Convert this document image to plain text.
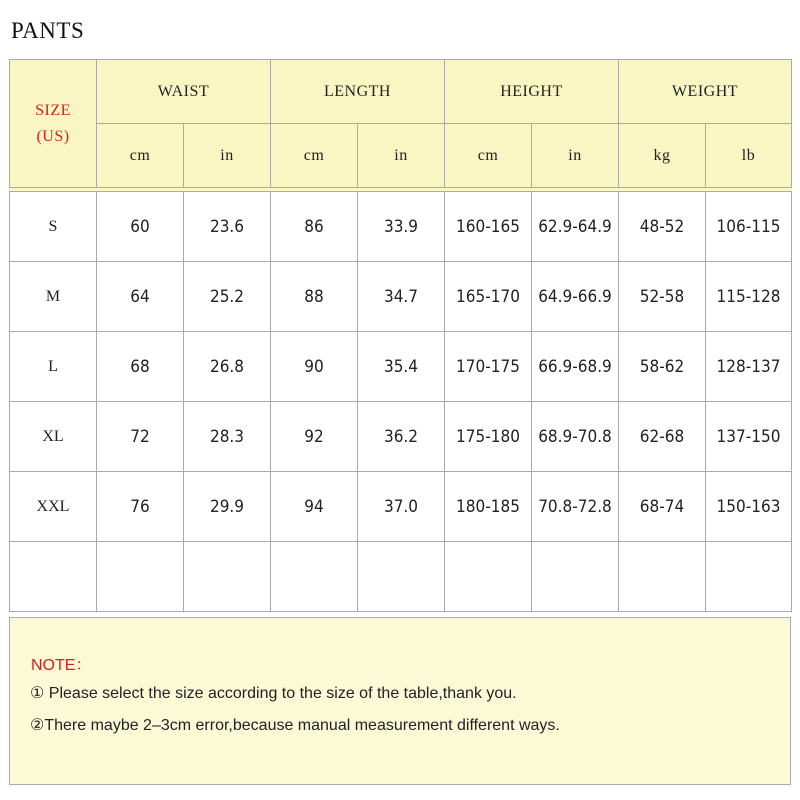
PANTS
SIZE
(US)	WAIST		LENGTH		HEIGHT		WEIGHT	
	cm	in	cm	in	cm	in	kg	lb

S	60	23.6	86	33.9	160-165	62.9-64.9	48-52	106-115
M	64	25.2	88	34.7	165-170	64.9-66.9	52-58	115-128
L	68	26.8	90	35.4	170-175	66.9-68.9	58-62	128-137
XL	72	28.3	92	36.2	175-180	68.9-70.8	62-68	137-150
XXL	76	29.9	94	37.0	180-185	70.8-72.8	68-74	150-163

NOTE：
① Please select the size according to the size of the table,thank you.
②There maybe 2–3cm error,because manual measurement different ways.
